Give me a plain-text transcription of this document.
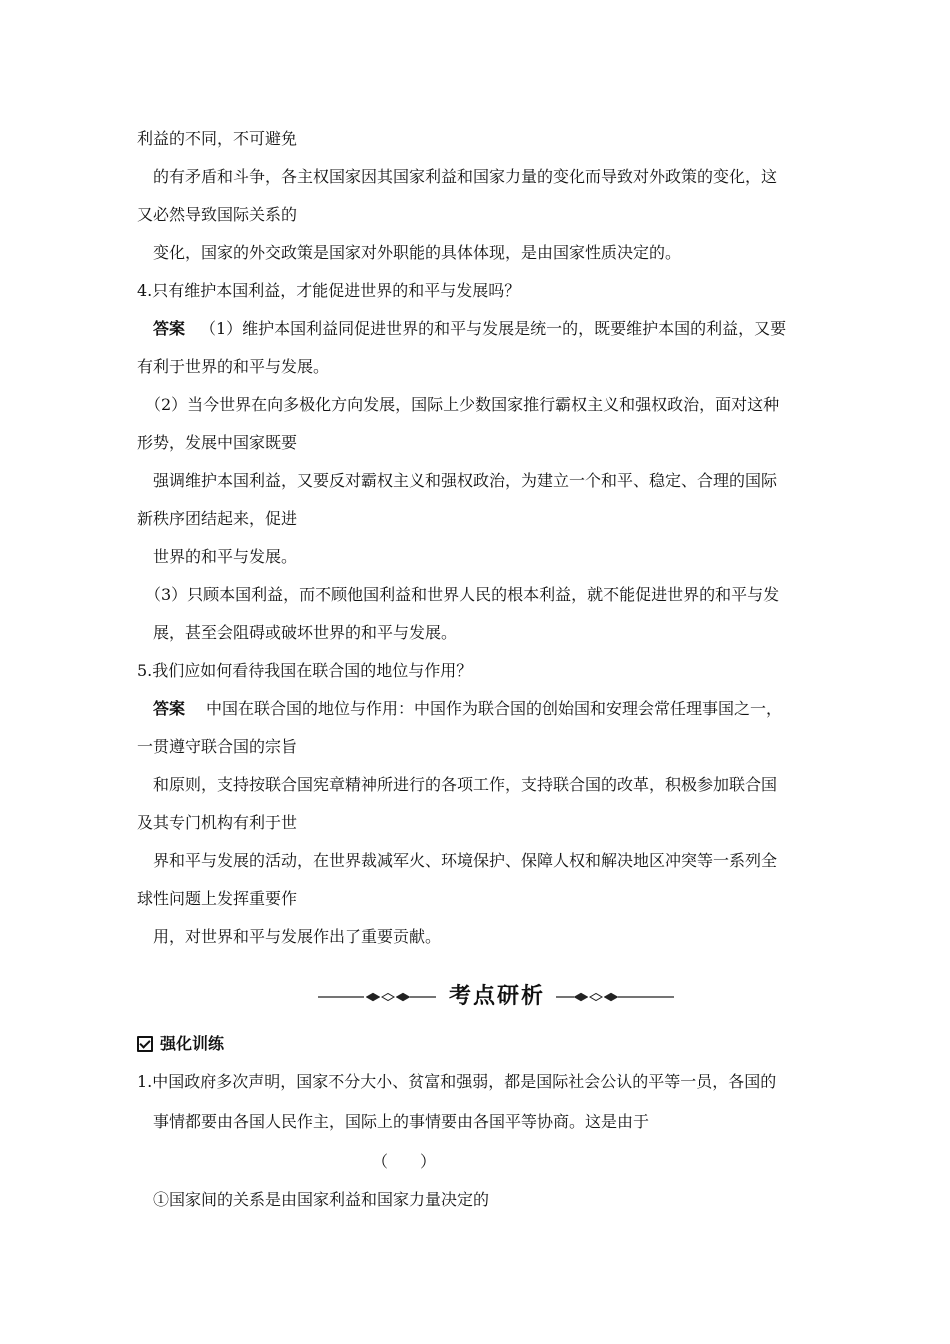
利益的不同，不可避免
的有矛盾和斗争，各主权国家因其国家利益和国家力量的变化而导致对外政策的变化，这
又必然导致国际关系的
变化，国家的外交政策是国家对外职能的具体体现，是由国家性质决定的。
4.只有维护本国利益，才能促进世界的和平与发展吗？
答案 （1）维护本国利益同促进世界的和平与发展是统一的，既要维护本国的利益，又要
有利于世界的和平与发展。
（2）当今世界在向多极化方向发展，国际上少数国家推行霸权主义和强权政治，面对这种
形势，发展中国家既要
强调维护本国利益，又要反对霸权主义和强权政治，为建立一个和平、稳定、合理的国际
新秩序团结起来，促进
世界的和平与发展。
（3）只顾本国利益，而不顾他国利益和世界人民的根本利益，就不能促进世界的和平与发
展，甚至会阻碍或破坏世界的和平与发展。
5.我们应如何看待我国在联合国的地位与作用？
答案 中国在联合国的地位与作用：中国作为联合国的创始国和安理会常任理事国之一，
一贯遵守联合国的宗旨
和原则，支持按联合国宪章精神所进行的各项工作，支持联合国的改革，积极参加联合国
及其专门机构有利于世
界和平与发展的活动，在世界裁减军火、环境保护、保障人权和解决地区冲突等一系列全
球性问题上发挥重要作
用，对世界和平与发展作出了重要贡献。
考点研析
强化训练
1.中国政府多次声明，国家不分大小、贫富和强弱，都是国际社会公认的平等一员，各国的
事情都要由各国人民作主，国际上的事情要由各国平等协商。这是由于
（　　）
①国家间的关系是由国家利益和国家力量决定的
